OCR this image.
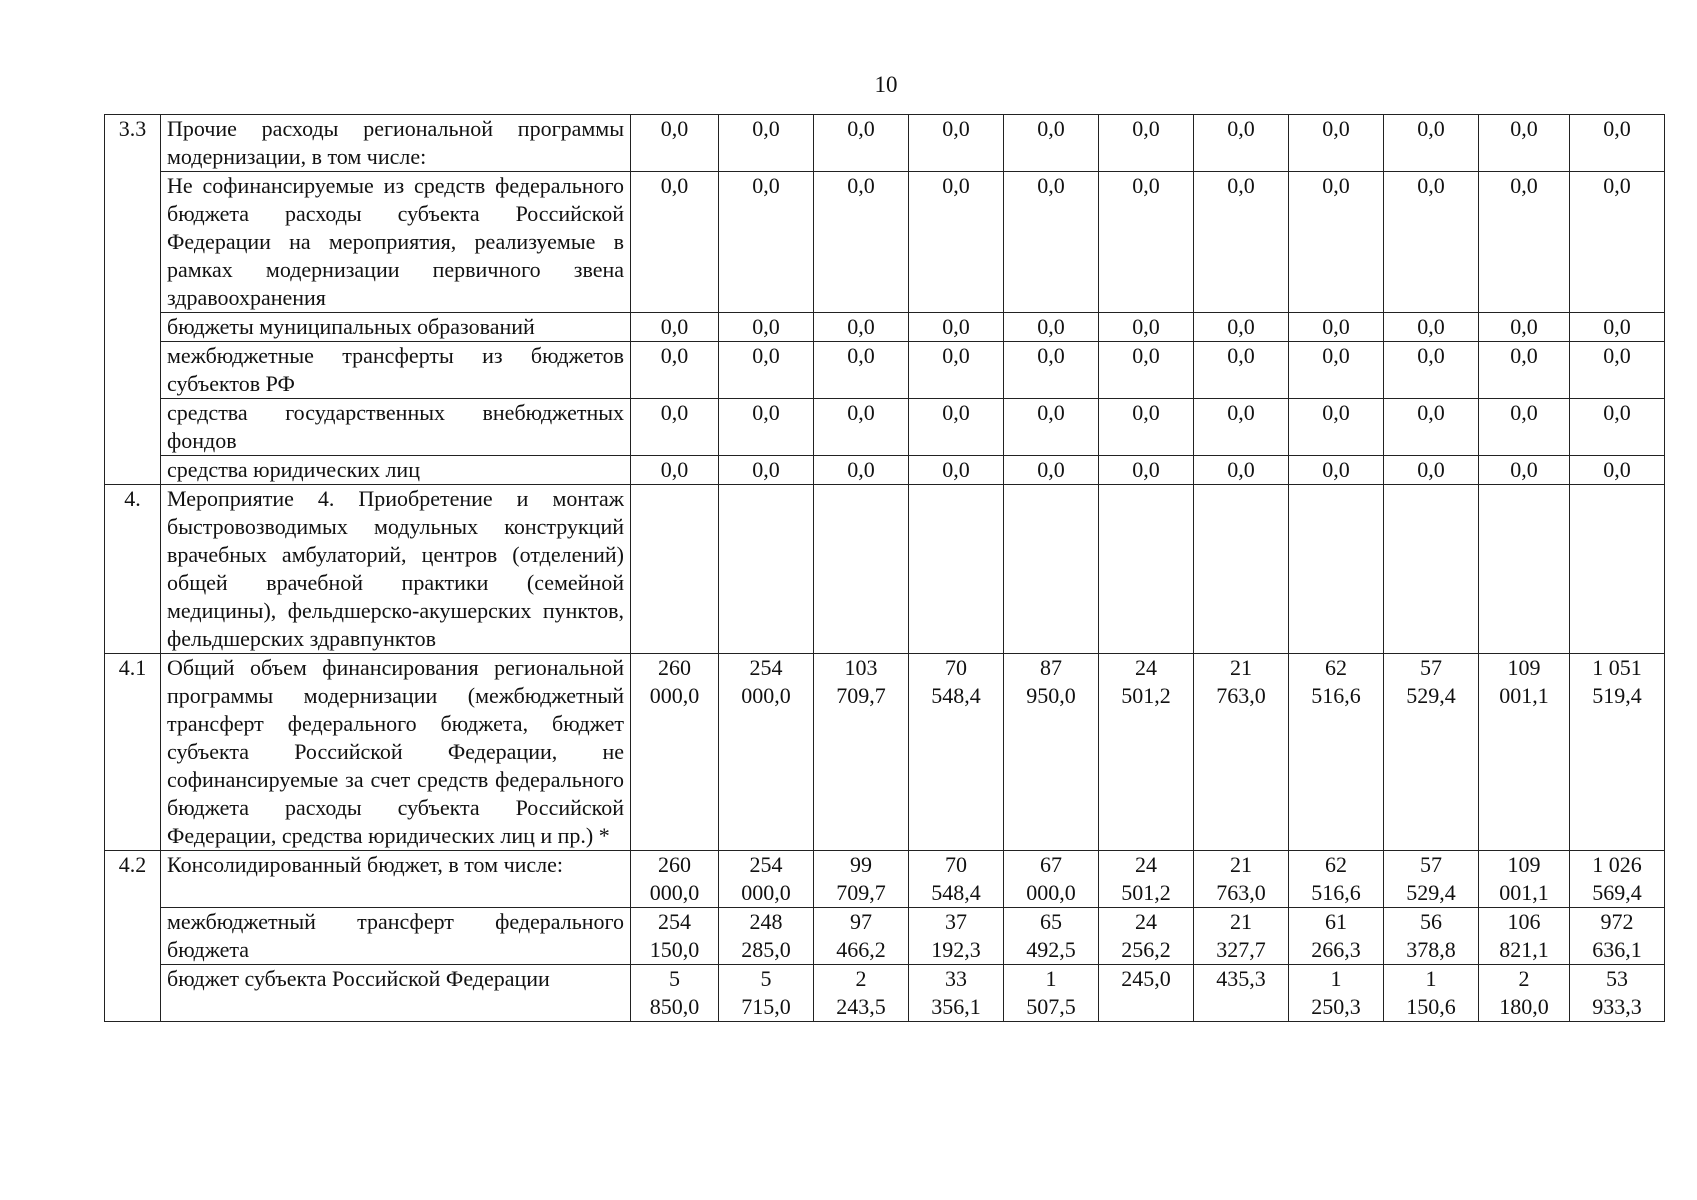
10
3.3	Прочие расходы региональной программы модернизации, в том числе:	0,0	0,0	0,0	0,0	0,0	0,0	0,0	0,0	0,0	0,0	0,0

	Не софинансируемые из средств федерального бюджета расходы субъекта Российской Федерации на мероприятия, реализуемые в рамках модернизации первичного звена здравоохранения	0,0	0,0	0,0	0,0	0,0	0,0	0,0	0,0	0,0	0,0	0,0

	бюджеты муниципальных образований	0,0	0,0	0,0	0,0	0,0	0,0	0,0	0,0	0,0	0,0	0,0

	межбюджетные трансферты из бюджетов субъектов РФ	0,0	0,0	0,0	0,0	0,0	0,0	0,0	0,0	0,0	0,0	0,0

	средства государственных внебюджетных фондов	0,0	0,0	0,0	0,0	0,0	0,0	0,0	0,0	0,0	0,0	0,0

	средства юридических лиц	0,0	0,0	0,0	0,0	0,0	0,0	0,0	0,0	0,0	0,0	0,0

4.	Мероприятие 4. Приобретение и монтаж быстровозводимых модульных конструкций врачебных амбулаторий, центров (отделений) общей врачебной практики (семейной медицины), фельдшерско-акушерских пунктов, фельдшерских здравпунктов	

4.1	Общий объем финансирования региональной программы модернизации (межбюджетный трансферт федерального бюджета, бюджет субъекта Российской Федерации, не софинансируемые за счет средств федерального бюджета расходы субъекта Российской Федерации, средства юридических лиц и пр.) *	260
000,0	254
000,0	103
709,7	70
548,4	87
950,0	24
501,2	21
763,0	62
516,6	57
529,4	109
001,1	1 051
519,4

4.2	Консолидированный бюджет, в том числе:	260
000,0	254
000,0	99
709,7	70
548,4	67
000,0	24
501,2	21
763,0	62
516,6	57
529,4	109
001,1	1 026
569,4

	межбюджетный трансферт федерального бюджета	254
150,0	248
285,0	97
466,2	37
192,3	65
492,5	24
256,2	21
327,7	61
266,3	56
378,8	106
821,1	972
636,1

	бюджет субъекта Российской Федерации	5
850,0	5
715,0	2
243,5	33
356,1	1
507,5	245,0	435,3	1
250,3	1
150,6	2
180,0	53
933,3
